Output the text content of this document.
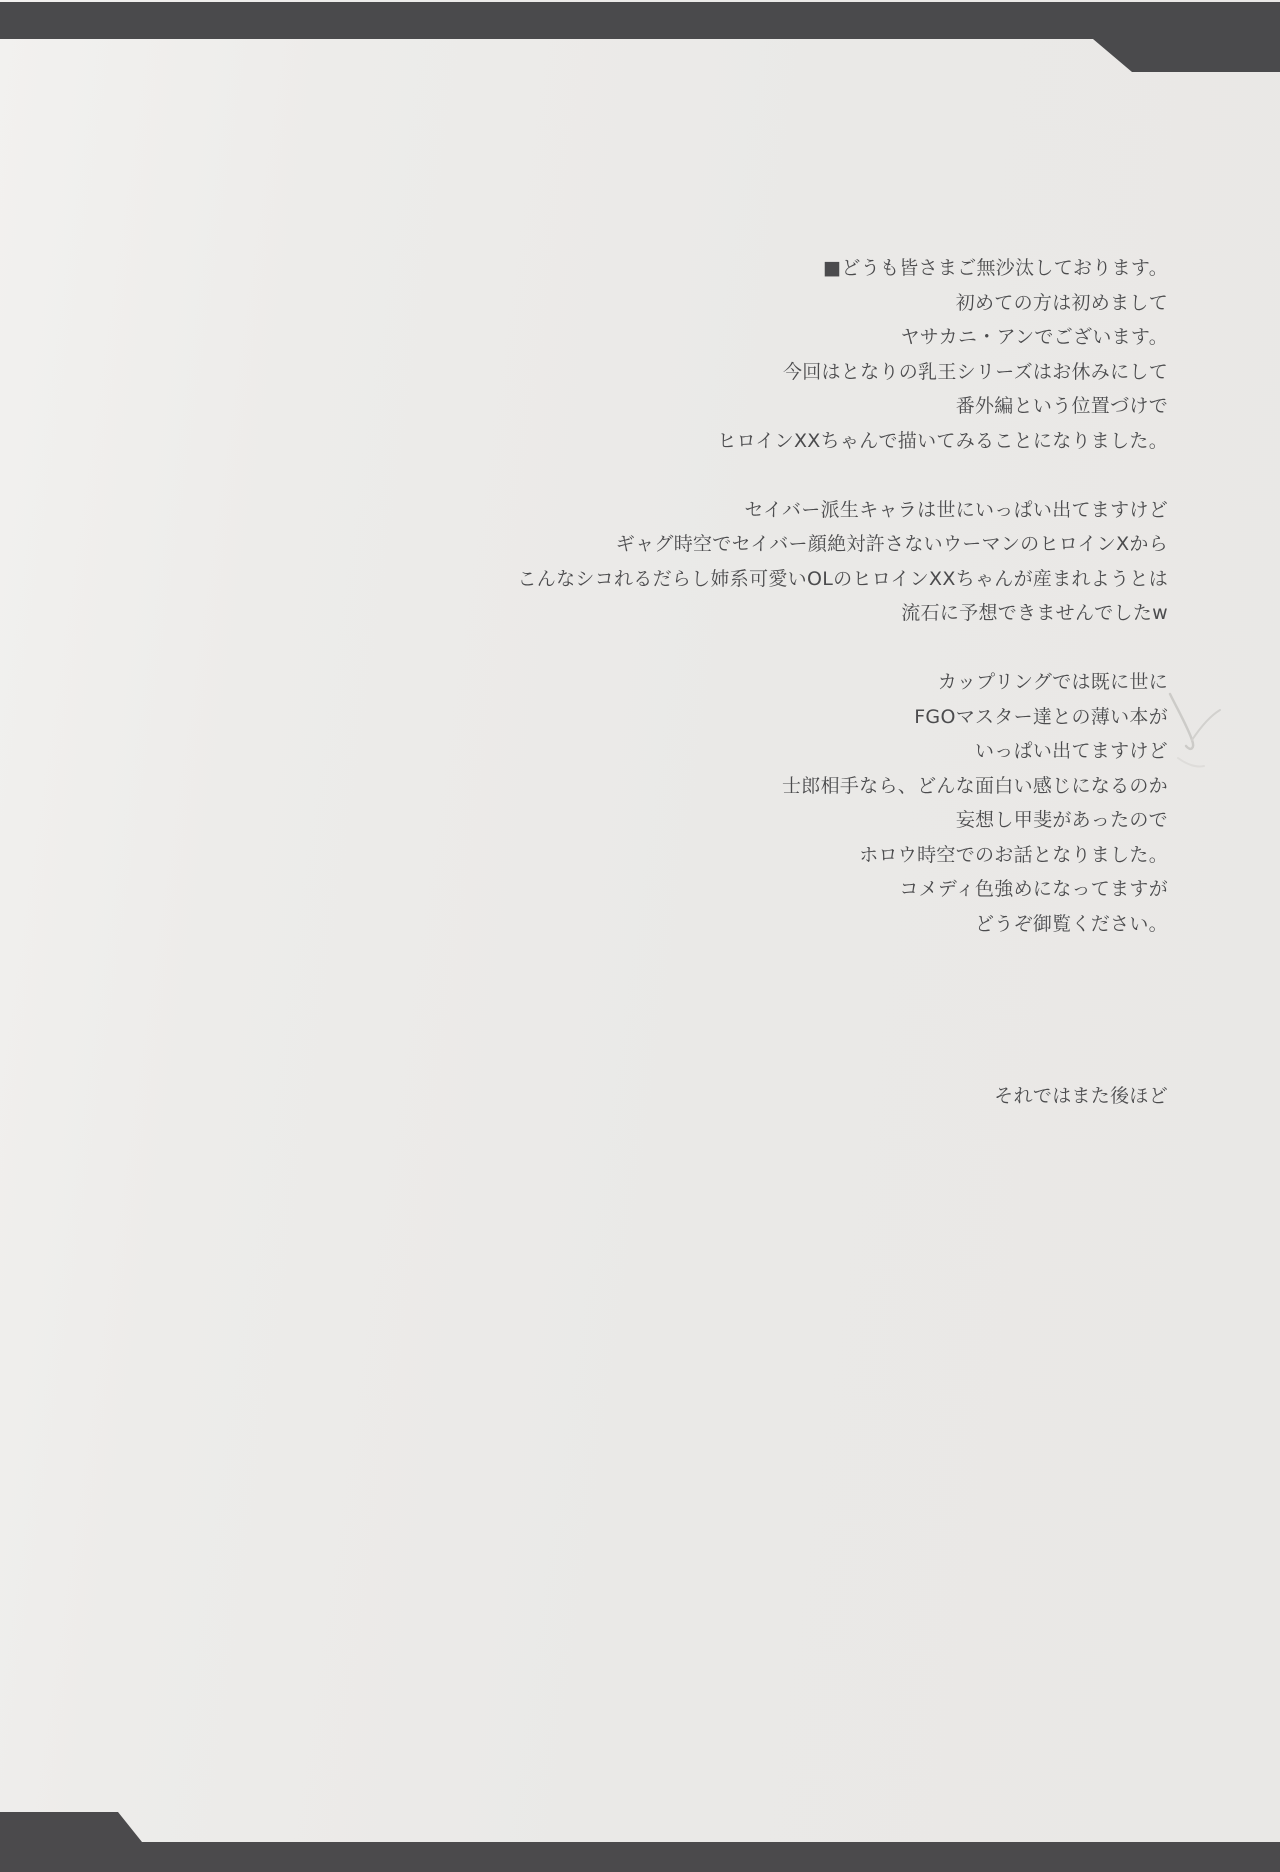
■どうも皆さまご無沙汰しております。
初めての方は初めまして
ヤサカニ・アンでございます。
今回はとなりの乳王シリーズはお休みにして
番外編という位置づけで
ヒロインXXちゃんで描いてみることになりました。
セイバー派生キャラは世にいっぱい出てますけど
ギャグ時空でセイバー顔絶対許さないウーマンのヒロインXから
こんなシコれるだらし姉系可愛いOLのヒロインXXちゃんが産まれようとは
流石に予想できませんでしたw
カップリングでは既に世に
FGOマスター達との薄い本が
いっぱい出てますけど
士郎相手なら、どんな面白い感じになるのか
妄想し甲斐があったので
ホロウ時空でのお話となりました。
コメディ色強めになってますが
どうぞ御覧ください。
それではまた後ほど
